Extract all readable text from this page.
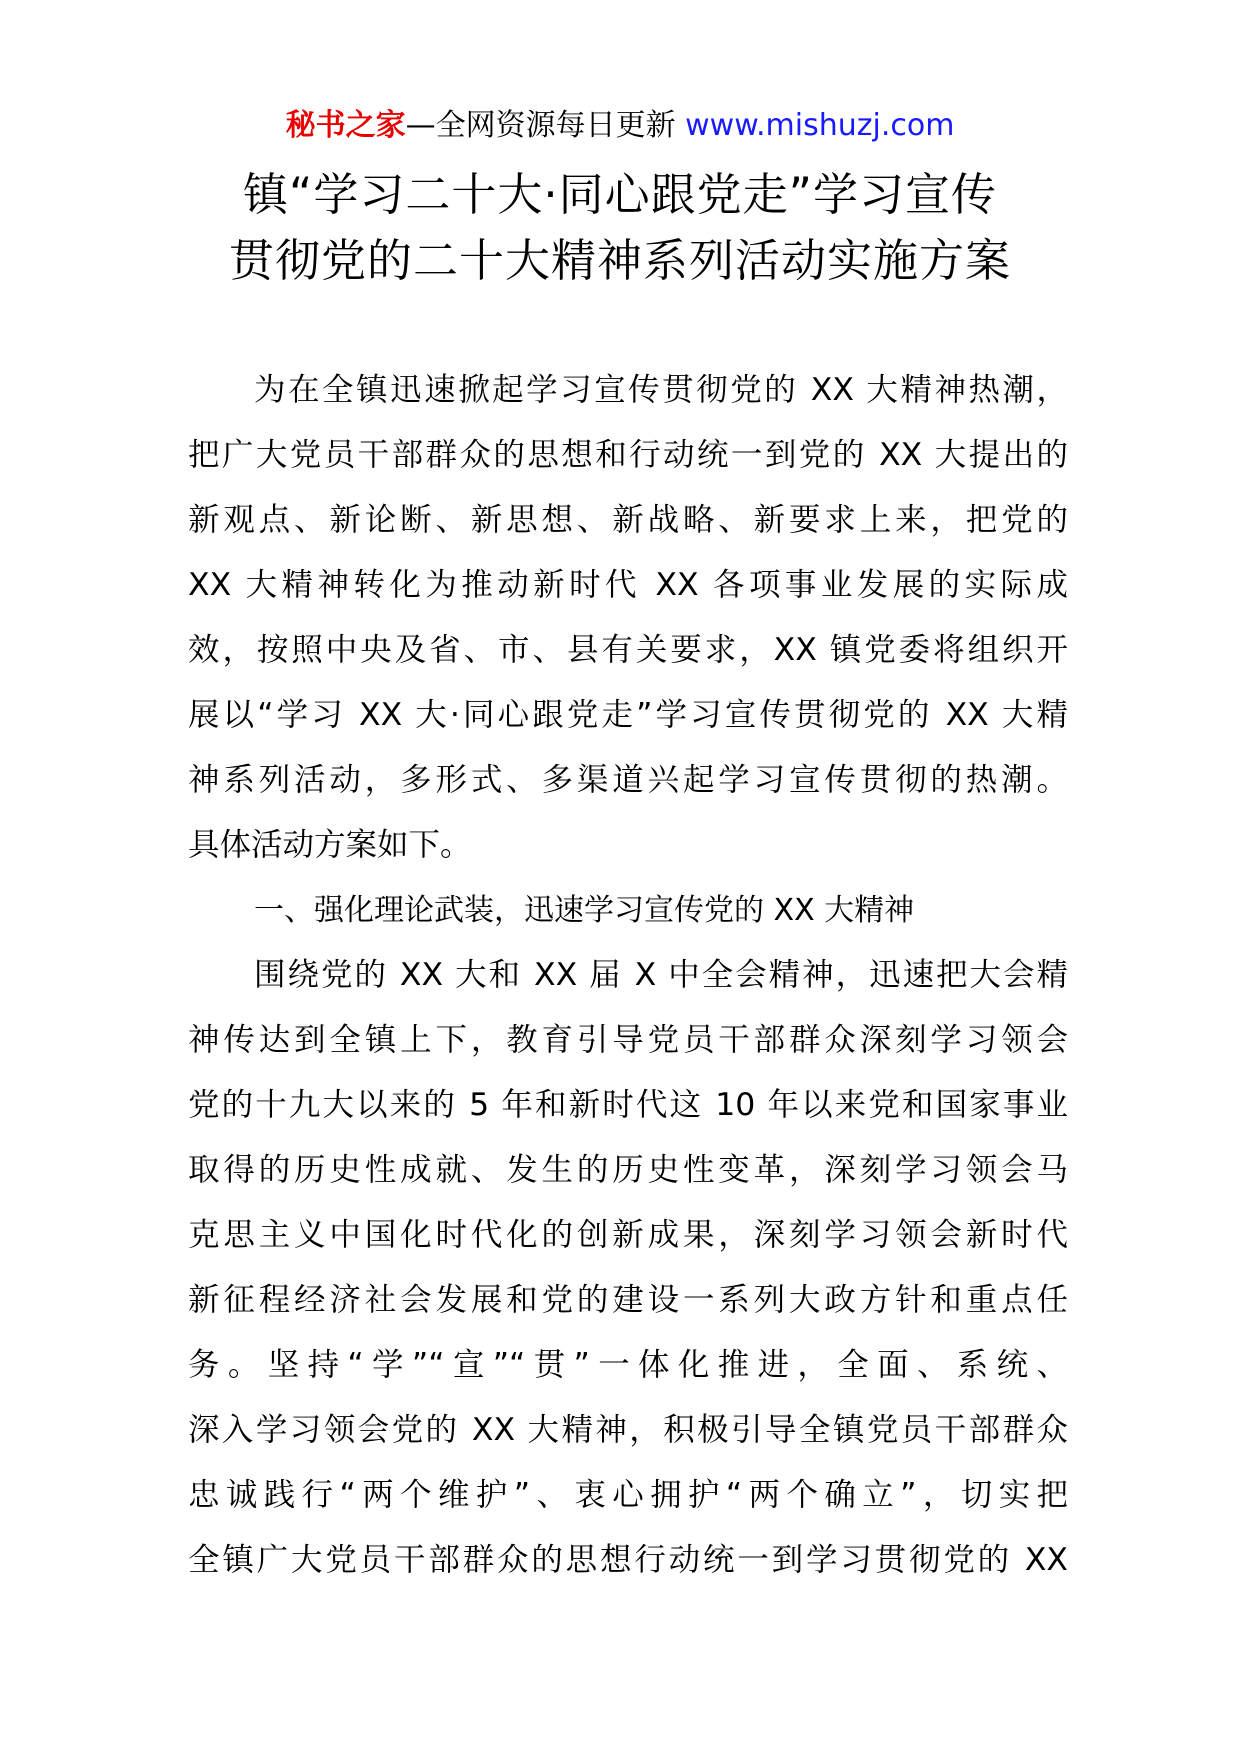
秘书之家—全网资源每日更新 www.mishuzj.com
镇“学习二十大·同心跟党走”学习宣传
贯彻党的二十大精神系列活动实施方案
为在全镇迅速掀起学习宣传贯彻党的 XX 大精神热潮，
把广大党员干部群众的思想和行动统一到党的 XX 大提出的
新观点、新论断、新思想、新战略、新要求上来，把党的
XX 大精神转化为推动新时代 XX 各项事业发展的实际成
效，按照中央及省、市、县有关要求，XX 镇党委将组织开
展以“学习 XX 大·同心跟党走”学习宣传贯彻党的 XX 大精
神系列活动，多形式、多渠道兴起学习宣传贯彻的热潮。
具体活动方案如下。
一、强化理论武装，迅速学习宣传党的 XX 大精神
围绕党的 XX 大和 XX 届 X 中全会精神，迅速把大会精
神传达到全镇上下，教育引导党员干部群众深刻学习领会
党的十九大以来的 5 年和新时代这 10 年以来党和国家事业
取得的历史性成就、发生的历史性变革，深刻学习领会马
克思主义中国化时代化的创新成果，深刻学习领会新时代
新征程经济社会发展和党的建设一系列大政方针和重点任
务。坚持“学”“宣”“贯”一体化推进，全面、系统、
深入学习领会党的 XX 大精神，积极引导全镇党员干部群众
忠诚践行“两个维护”、衷心拥护“两个确立”，切实把
全镇广大党员干部群众的思想行动统一到学习贯彻党的 XX
